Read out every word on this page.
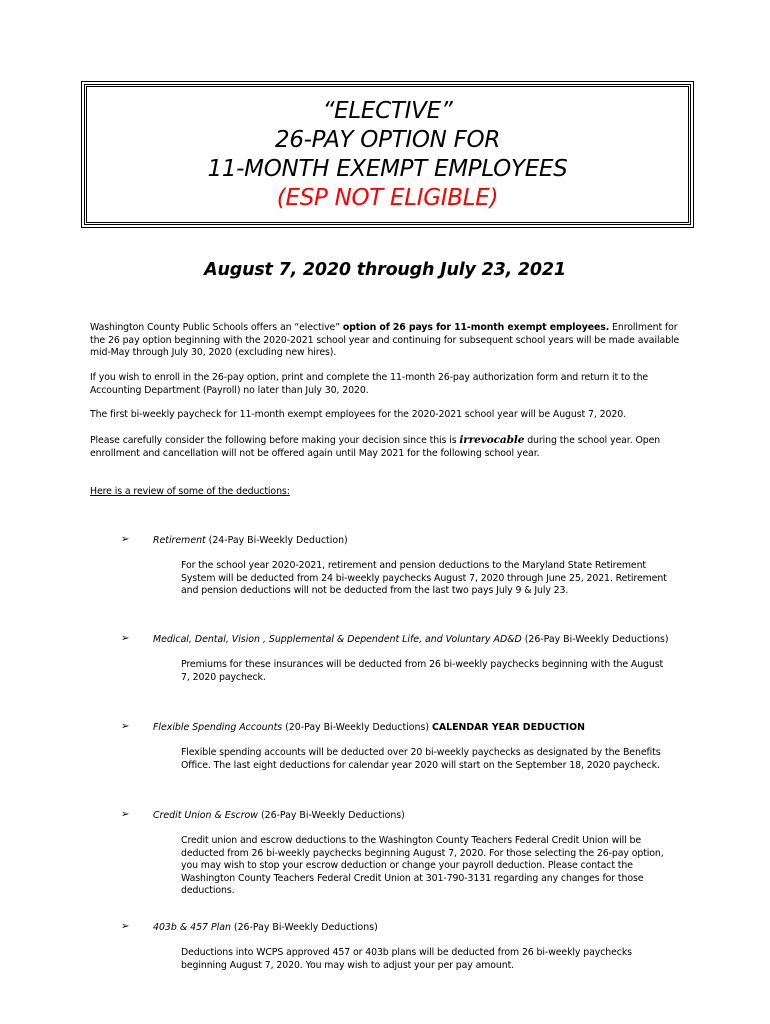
“ELECTIVE”
26-PAY OPTION FOR
11-MONTH EXEMPT EMPLOYEES
(ESP NOT ELIGIBLE)
August 7, 2020 through July 23, 2021
Washington County Public Schools offers an “elective” option of 26 pays for 11-month exempt employees. Enrollment for the 26 pay option beginning with the 2020-2021 school year and continuing for subsequent school years will be made available mid-May through July 30, 2020 (excluding new hires).
If you wish to enroll in the 26-pay option, print and complete the 11-month 26-pay authorization form and return it to the Accounting Department (Payroll) no later than July 30, 2020.
The first bi-weekly paycheck for 11-month exempt employees for the 2020-2021 school year will be August 7, 2020.
Please carefully consider the following before making your decision since this is irrevocable during the school year. Open enrollment and cancellation will not be offered again until May 2021 for the following school year.
Here is a review of some of the deductions:
➢	Retirement (24-Pay Bi-Weekly Deduction)
For the school year 2020-2021, retirement and pension deductions to the Maryland State Retirement System will be deducted from 24 bi-weekly paychecks August 7, 2020 through June 25, 2021. Retirement and pension deductions will not be deducted from the last two pays July 9 & July 23.
➢	Medical, Dental, Vision , Supplemental & Dependent Life, and Voluntary AD&D (26-Pay Bi-Weekly Deductions)
Premiums for these insurances will be deducted from 26 bi-weekly paychecks beginning with the August 7, 2020 paycheck.
➢	Flexible Spending Accounts (20-Pay Bi-Weekly Deductions) CALENDAR YEAR DEDUCTION
Flexible spending accounts will be deducted over 20 bi-weekly paychecks as designated by the Benefits Office. The last eight deductions for calendar year 2020 will start on the September 18, 2020 paycheck.
➢	Credit Union & Escrow (26-Pay Bi-Weekly Deductions)
Credit union and escrow deductions to the Washington County Teachers Federal Credit Union will be deducted from 26 bi-weekly paychecks beginning August 7, 2020. For those selecting the 26-pay option, you may wish to stop your escrow deduction or change your payroll deduction. Please contact the Washington County Teachers Federal Credit Union at 301-790-3131 regarding any changes for those deductions.
➢	403b & 457 Plan (26-Pay Bi-Weekly Deductions)
Deductions into WCPS approved 457 or 403b plans will be deducted from 26 bi-weekly paychecks beginning August 7, 2020. You may wish to adjust your per pay amount.
